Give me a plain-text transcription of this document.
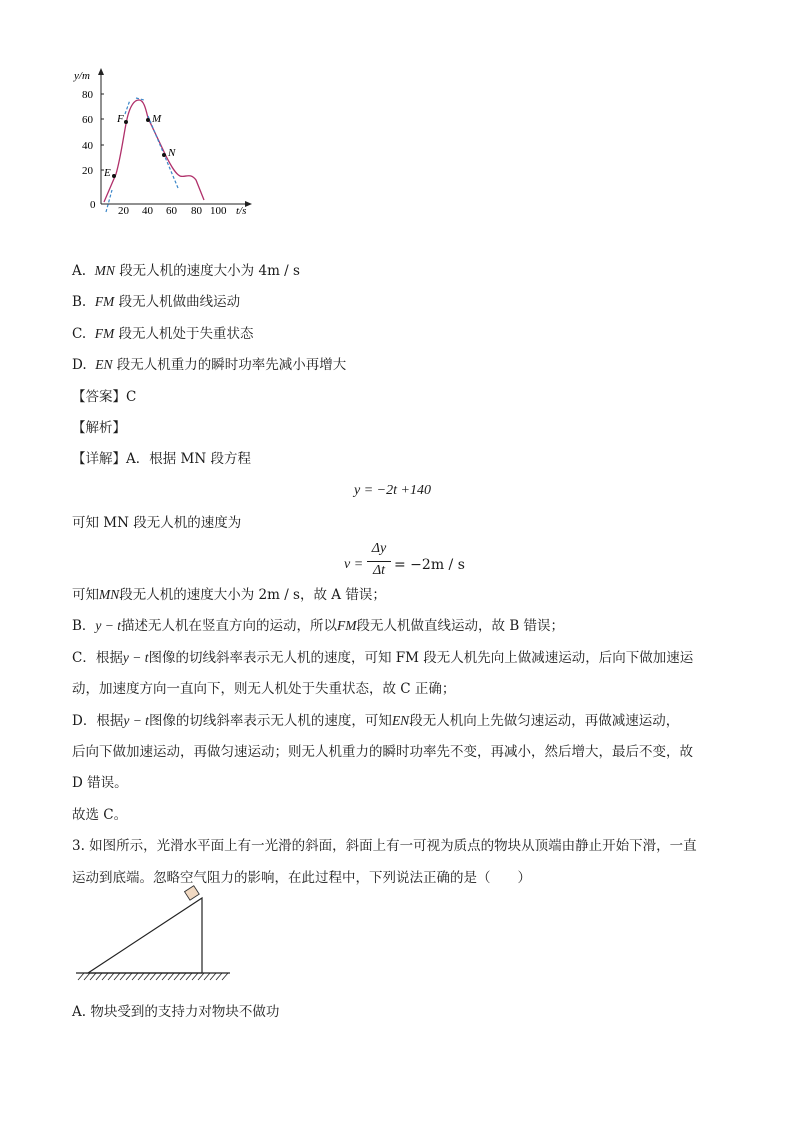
y/m
80
60
40
20
0 20 40 60 80 100 t/s
E
F	M
N
A. MN 段无人机的速度大小为 4m / s
B. FM 段无人机做曲线运动
C. FM 段无人机处于失重状态
D. EN 段无人机重力的瞬时功率先减小再增大
【答案】C
【解析】
【详解】A．根据 MN 段方程
y = −2t +140
可知 MN 段无人机的速度为
v =
Δy
Δt = −2m / s
可知MN段无人机的速度大小为 2m / s，故 A 错误；
B．y − t描述无人机在竖直方向的运动，所以FM段无人机做直线运动，故 B 错误；
C．根据y − t图像的切线斜率表示无人机的速度，可知 FM 段无人机先向上做减速运动，后向下做加速运
动，加速度方向一直向下，则无人机处于失重状态，故 C 正确；
D．根据y − t图像的切线斜率表示无人机的速度，可知EN段无人机向上先做匀速运动，再做减速运动，
后向下做加速运动，再做匀速运动；则无人机重力的瞬时功率先不变，再减小，然后增大，最后不变，故
D 错误。
故选 C。
3. 如图所示，光滑水平面上有一光滑的斜面，斜面上有一可视为质点的物块从顶端由静止开始下滑，一直
运动到底端。忽略空气阻力的影响，在此过程中，下列说法正确的是（　　）
A. 物块受到的支持力对物块不做功
